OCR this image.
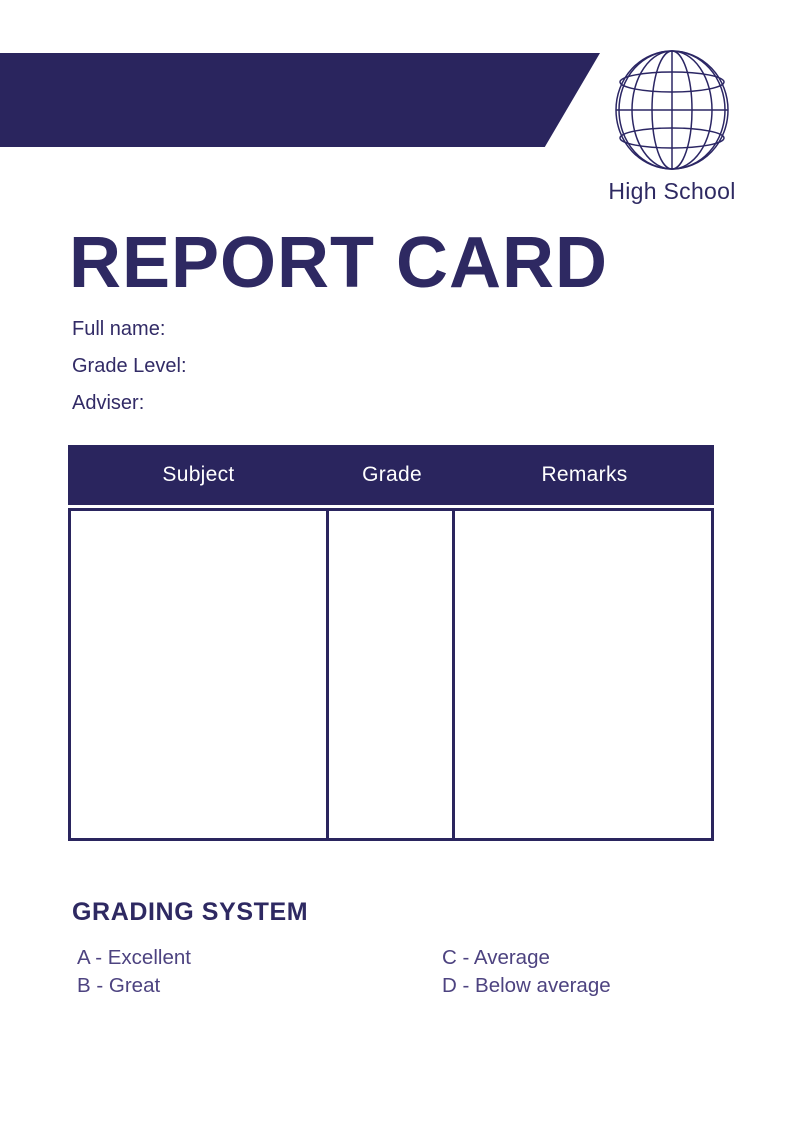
High School
REPORT CARD
Full name:
Grade Level:
Adviser:
Subject	Grade	Remarks
GRADING SYSTEM
A - Excellent
B - Great
C - Average
D - Below average
